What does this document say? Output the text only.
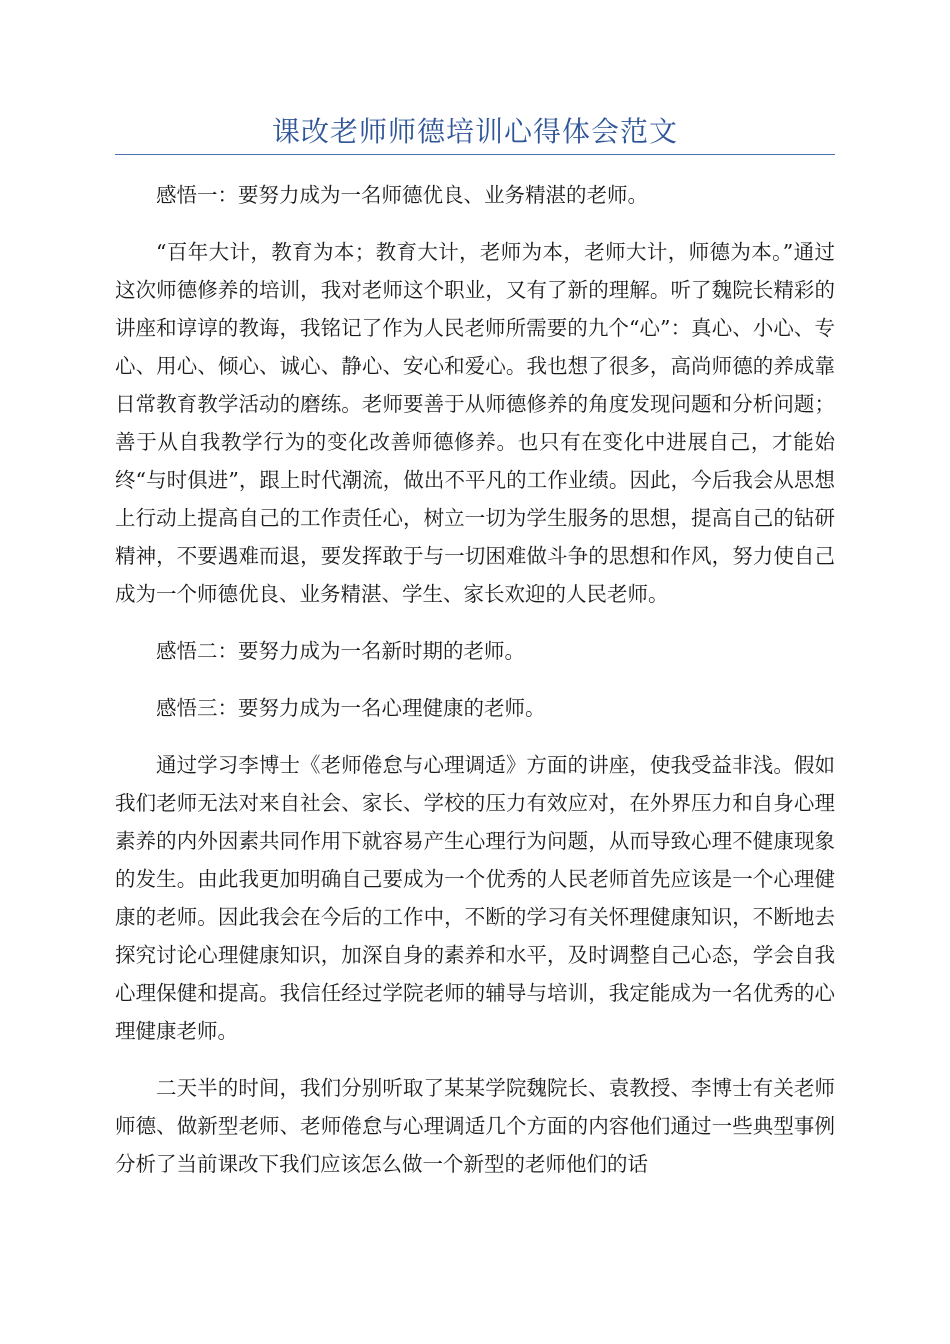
课改老师师德培训心得体会范文

感悟一：要努力成为一名师德优良、业务精湛的老师。

“百年大计，教育为本；教育大计，老师为本，老师大计，师德为本。”通过这次师德修养的培训，我对老师这个职业，又有了新的理解。听了魏院长精彩的讲座和谆谆的教诲，我铭记了作为人民老师所需要的九个“心”：真心、小心、专心、用心、倾心、诚心、静心、安心和爱心。我也想了很多，高尚师德的养成靠日常教育教学活动的磨练。老师要善于从师德修养的角度发现问题和分析问题；善于从自我教学行为的变化改善师德修养。也只有在变化中进展自己，才能始终“与时俱进”，跟上时代潮流，做出不平凡的工作业绩。因此，今后我会从思想上行动上提高自己的工作责任心，树立一切为学生服务的思想，提高自己的钻研精神，不要遇难而退，要发挥敢于与一切困难做斗争的思想和作风，努力使自己成为一个师德优良、业务精湛、学生、家长欢迎的人民老师。

感悟二：要努力成为一名新时期的老师。

感悟三：要努力成为一名心理健康的老师。

通过学习李博士《老师倦怠与心理调适》方面的讲座，使我受益非浅。假如我们老师无法对来自社会、家长、学校的压力有效应对，在外界压力和自身心理素养的内外因素共同作用下就容易产生心理行为问题，从而导致心理不健康现象的发生。由此我更加明确自己要成为一个优秀的人民老师首先应该是一个心理健康的老师。因此我会在今后的工作中，不断的学习有关怀理健康知识，不断地去探究讨论心理健康知识，加深自身的素养和水平，及时调整自己心态，学会自我心理保健和提高。我信任经过学院老师的辅导与培训，我定能成为一名优秀的心理健康老师。

二天半的时间，我们分别听取了某某学院魏院长、袁教授、李博士有关老师师德、做新型老师、老师倦怠与心理调适几个方面的内容他们通过一些典型事例分析了当前课改下我们应该怎么做一个新型的老师他们的话
